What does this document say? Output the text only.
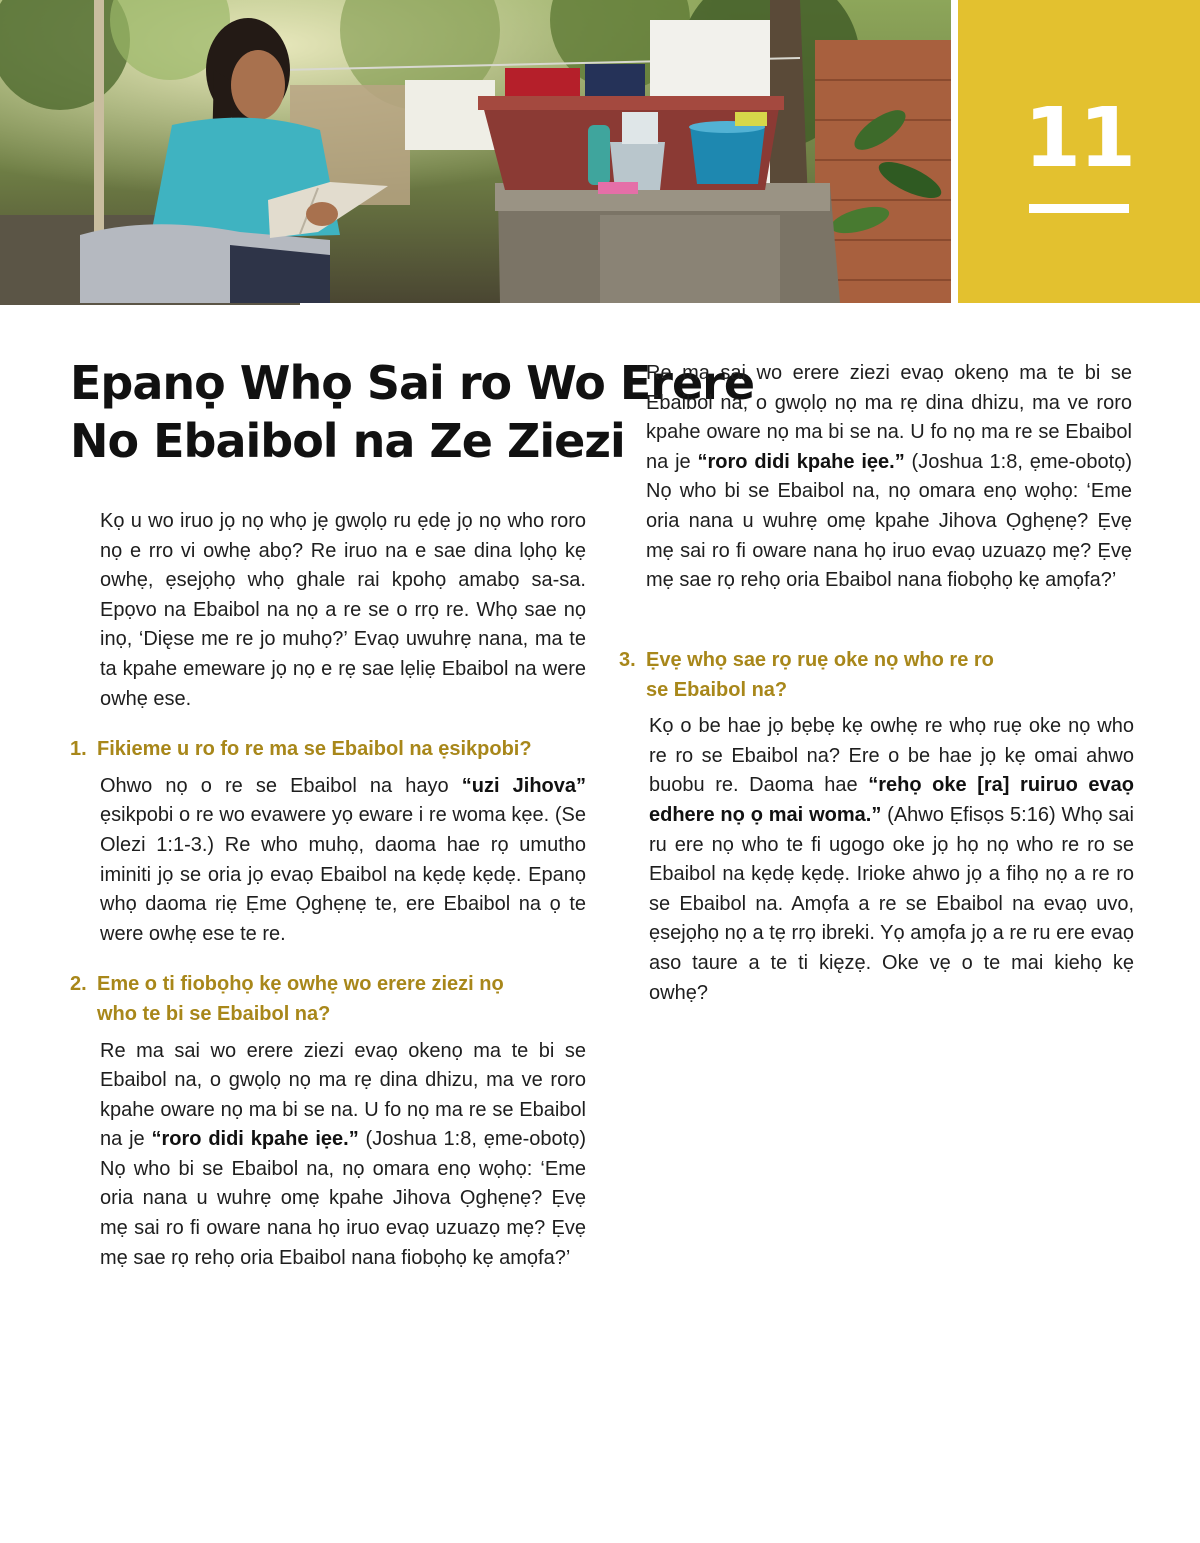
11
Epanọ Whọ Sai ro Wo Erere
No Ebaibol na Ze Ziezi

Kọ u wo iruo jọ nọ whọ jẹ gwọlọ ru ẹdẹ jọ nọ who roro nọ e rro vi owhẹ abọ? Re iruo na e sae dina lọhọ kẹ owhẹ, ẹsejọhọ whọ ghale rai kpohọ amabọ sa-sa. Epọvo na Ebaibol na nọ a re se o rrọ re. Whọ sae nọ inọ, ‘Dięse me re jo muhọ?’ Evaọ uwuhrẹ nana, ma te ta kpahe emeware jọ nọ e rẹ sae lẹliẹ Ebaibol na were owhẹ ese.

1. Fikieme u ro fo re ma se Ebaibol na ẹsikpobi?

Ohwo nọ o re se Ebaibol na hayo “uzi Jihova” ẹsikpobi o re wo evawere yọ eware i re woma kẹe. (Se Olezi 1:1-3.) Re who muhọ, daoma hae rọ umutho iminiti jọ se oria jọ evaọ Ebaibol na kẹdẹ kẹdẹ. Epanọ whọ daoma riẹ Ẹme Ọghẹnẹ te, ere Ebaibol na ọ te were owhẹ ese te re.

2. Eme o ti fiobọhọ kẹ owhẹ wo erere ziezi nọ who te bi se Ebaibol na?

Re ma sai wo erere ziezi evaọ okenọ ma te bi se Ebaibol na, o gwọlọ nọ ma rẹ dina dhizu, ma ve roro kpahe oware nọ ma bi se na. U fo nọ ma re se Ebaibol na je “roro didi kpahe iẹe.” (Joshua 1:8, ẹme-obotọ) Nọ who bi se Ebaibol na, nọ omara enọ wọhọ: ‘Eme oria nana u wuhrẹ omẹ kpahe Jihova Ọghẹnẹ? Ẹvẹ mẹ sai ro fi oware nana họ iruo evaọ uzuazọ mẹ? Ẹvẹ mẹ sae rọ rehọ oria Ebaibol nana fiobọhọ kẹ amọfa?’

Re ma sai wo erere ziezi evaọ okenọ ma te bi se Ebaibol na, o gwọlọ nọ ma rẹ dina dhizu, ma ve roro kpahe oware nọ ma bi se na. U fo nọ ma re se Ebaibol na je “roro didi kpahe iẹe.” (Joshua 1:8, ẹme-obotọ) Nọ who bi se Ebaibol na, nọ omara enọ wọhọ: ‘Eme oria nana u wuhrẹ omẹ kpahe Jihova Ọghẹnẹ? Ẹvẹ mẹ sai ro fi oware nana họ iruo evaọ uzuazọ mẹ? Ẹvẹ mẹ sae rọ rehọ oria Ebaibol nana fiobọhọ kẹ amọfa?’

3. Ẹvẹ whọ sae rọ ruẹ oke nọ who re ro se Ebaibol na?

Kọ o be hae jọ bẹbẹ kẹ owhẹ re whọ ruẹ oke nọ who re ro se Ebaibol na? Ere o be hae jọ kẹ omai ahwo buobu re. Daoma hae “rehọ oke [ra] ruiruo evaọ edhere nọ ọ mai woma.” (Ahwo Ẹfisọs 5:16) Whọ sai ru ere nọ who te fi ugogo oke jọ họ nọ who re ro se Ebaibol na kẹdẹ kẹdẹ. Irioke ahwo jọ a fihọ nọ a re ro se Ebaibol na. Amọfa a re se Ebaibol na evaọ uvo, ẹsejọhọ nọ a tẹ rrọ ibreki. Yọ amọfa jọ a re ru ere evaọ aso taure a te ti kięzẹ. Oke vẹ o te mai kiehọ kẹ owhẹ?
